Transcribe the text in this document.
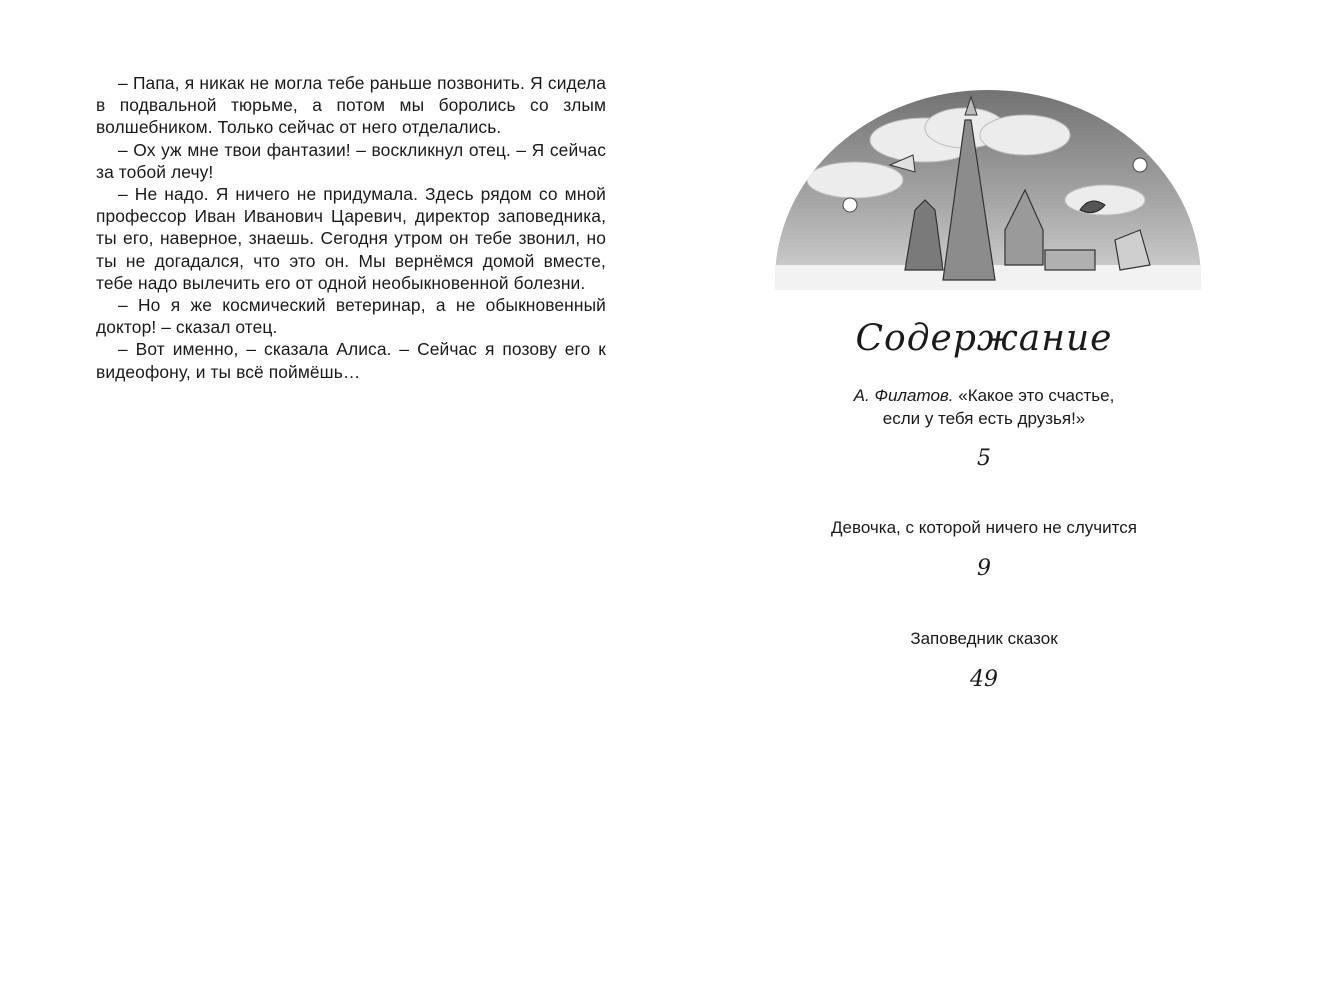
– Папа, я никак не могла тебе раньше позвонить. Я сидела в подвальной тюрьме, а потом мы боролись со злым волшебником. Только сейчас от него отделались.

– Ох уж мне твои фантазии! – воскликнул отец. – Я сейчас за тобой лечу!

– Не надо. Я ничего не придумала. Здесь рядом со мной профессор Иван Иванович Царевич, директор заповедника, ты его, наверное, знаешь. Сегодня утром он тебе звонил, но ты не догадался, что это он. Мы вернёмся домой вместе, тебе надо вылечить его от одной необыкновенной болезни.

– Но я же космический ветеринар, а не обыкновенный доктор! – сказал отец.

– Вот именно, – сказала Алиса. – Сейчас я позову его к видеофону, и ты всё поймёшь…

Содержание
А. Филатов. «Какое это счастье,
если у тебя есть друзья!»
5
Девочка, с которой ничего не случится
9
Заповедник сказок
49
